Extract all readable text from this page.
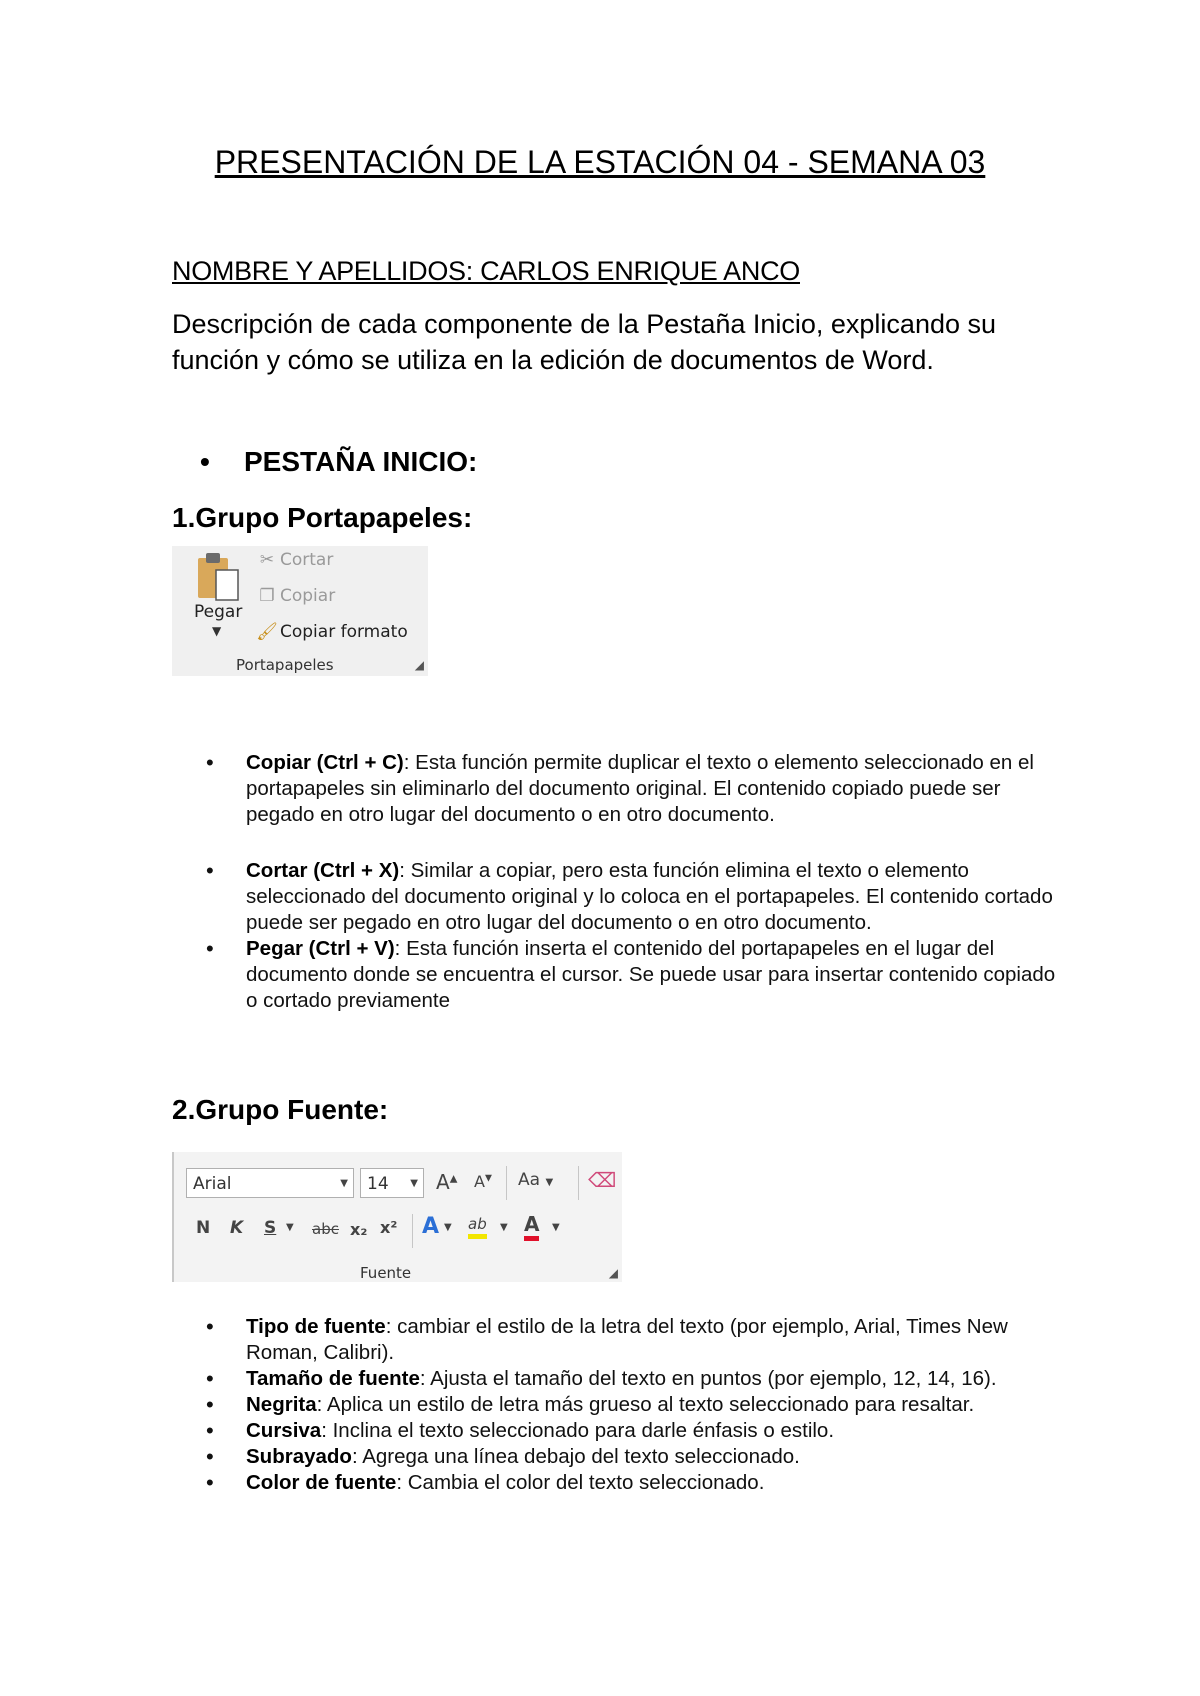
PRESENTACIÓN DE LA ESTACIÓN 04 - SEMANA 03
NOMBRE Y APELLIDOS: CARLOS ENRIQUE ANCO
Descripción de cada componente de la Pestaña Inicio, explicando su función y cómo se utiliza en la edición de documentos de Word.
• PESTAÑA INICIO:
1.Grupo Portapapeles:
Pegar
▼
✂ Cortar
❐ Copiar
🖌 Copiar formato
Portapapeles	◢
• Copiar (Ctrl + C): Esta función permite duplicar el texto o elemento seleccionado en el portapapeles sin eliminarlo del documento original. El contenido copiado puede ser pegado en otro lugar del documento o en otro documento.
• Cortar (Ctrl + X): Similar a copiar, pero esta función elimina el texto o elemento seleccionado del documento original y lo coloca en el portapapeles. El contenido cortado puede ser pegado en otro lugar del documento o en otro documento.
• Pegar (Ctrl + V): Esta función inserta el contenido del portapapeles en el lugar del documento donde se encuentra el cursor. Se puede usar para insertar contenido copiado o cortado previamente
2.Grupo Fuente:
Arial	▼	14 ▼ A▲ A▼ Aa ▼ ⌫
N K S ▼ abc x₂ x² A ▼ ab ▼ A ▼
Fuente	◢
• Tipo de fuente: cambiar el estilo de la letra del texto (por ejemplo, Arial, Times New Roman, Calibri).
• Tamaño de fuente: Ajusta el tamaño del texto en puntos (por ejemplo, 12, 14, 16).
• Negrita: Aplica un estilo de letra más grueso al texto seleccionado para resaltar.
• Cursiva: Inclina el texto seleccionado para darle énfasis o estilo.
• Subrayado: Agrega una línea debajo del texto seleccionado.
• Color de fuente: Cambia el color del texto seleccionado.
